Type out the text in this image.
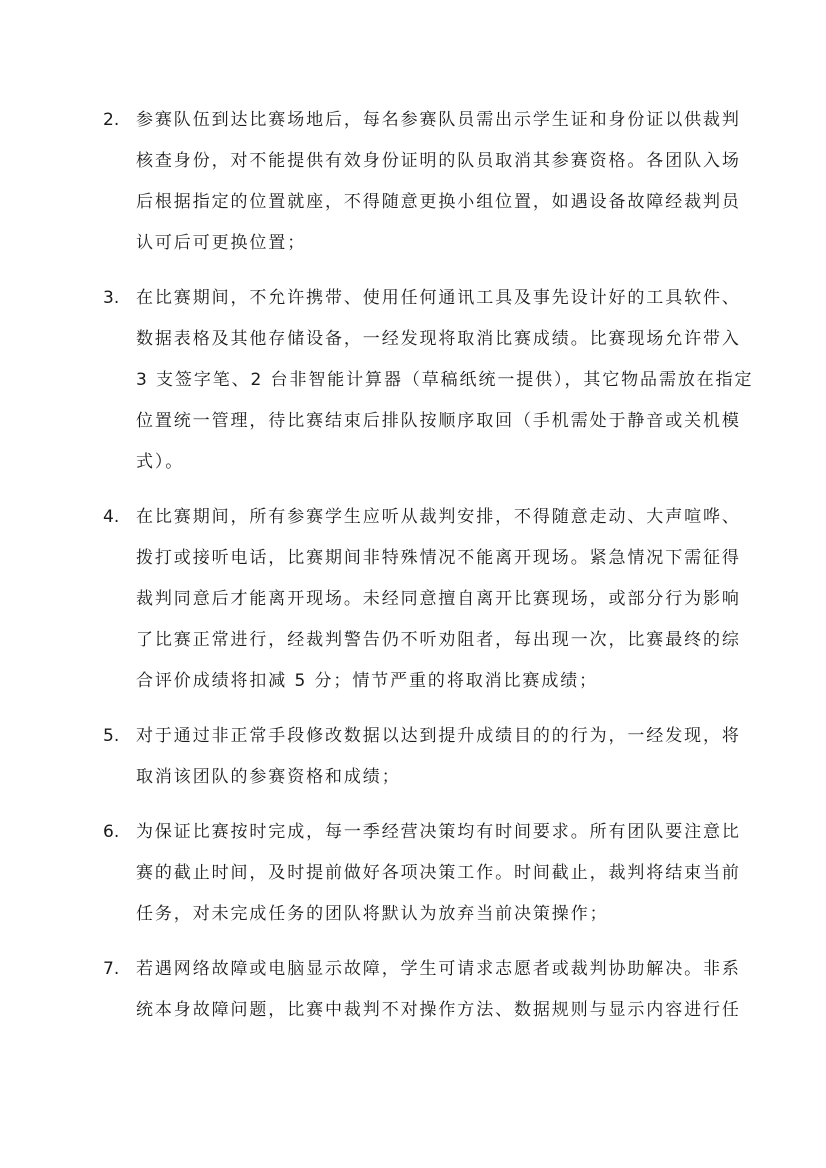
2. 参赛队伍到达比赛场地后，每名参赛队员需出示学生证和身份证以供裁判
核查身份，对不能提供有效身份证明的队员取消其参赛资格。各团队入场
后根据指定的位置就座，不得随意更换小组位置，如遇设备故障经裁判员
认可后可更换位置；
3. 在比赛期间，不允许携带、使用任何通讯工具及事先设计好的工具软件、
数据表格及其他存储设备，一经发现将取消比赛成绩。比赛现场允许带入
3 支签字笔、2 台非智能计算器（草稿纸统一提供），其它物品需放在指定
位置统一管理，待比赛结束后排队按顺序取回（手机需处于静音或关机模
式）。
4. 在比赛期间，所有参赛学生应听从裁判安排，不得随意走动、大声喧哗、
拨打或接听电话，比赛期间非特殊情况不能离开现场。紧急情况下需征得
裁判同意后才能离开现场。未经同意擅自离开比赛现场，或部分行为影响
了比赛正常进行，经裁判警告仍不听劝阻者，每出现一次，比赛最终的综
合评价成绩将扣减 5 分；情节严重的将取消比赛成绩；
5. 对于通过非正常手段修改数据以达到提升成绩目的的行为，一经发现，将
取消该团队的参赛资格和成绩；
6. 为保证比赛按时完成，每一季经营决策均有时间要求。所有团队要注意比
赛的截止时间，及时提前做好各项决策工作。时间截止，裁判将结束当前
任务，对未完成任务的团队将默认为放弃当前决策操作；
7. 若遇网络故障或电脑显示故障，学生可请求志愿者或裁判协助解决。非系
统本身故障问题，比赛中裁判不对操作方法、数据规则与显示内容进行任
